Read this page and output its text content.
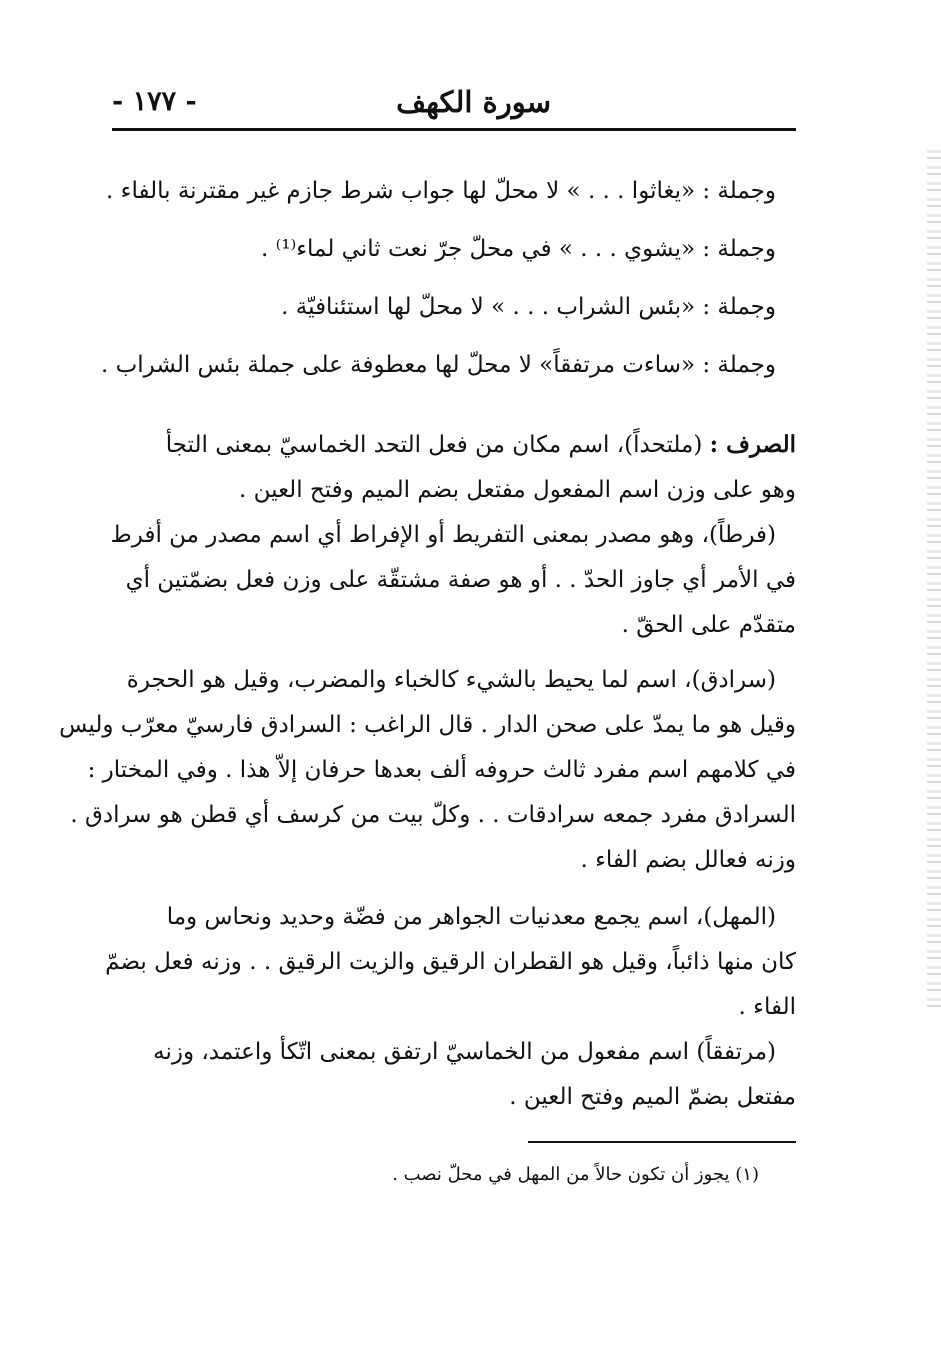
سورة الكهف
- ١٧٧ -
وجملة : «يغاثوا . . . » لا محلّ لها جواب شرط جازم غير مقترنة بالفاء .
وجملة : «يشوي . . . » في محلّ جرّ نعت ثاني لماء⁽¹⁾ .
وجملة : «بئس الشراب . . . » لا محلّ لها استئنافيّة .
وجملة : «ساءت مرتفقاً» لا محلّ لها معطوفة على جملة بئس الشراب .
الصرف : (ملتحداً)، اسم مكان من فعل التحد الخماسيّ بمعنى التجأ
وهو على وزن اسم المفعول مفتعل بضم الميم وفتح العين .
(فرطاً)، وهو مصدر بمعنى التفريط أو الإفراط أي اسم مصدر من أفرط
في الأمر أي جاوز الحدّ . . أو هو صفة مشتقّة على وزن فعل بضمّتين أي
متقدّم على الحقّ .
(سرادق)، اسم لما يحيط بالشيء كالخباء والمضرب، وقيل هو الحجرة
وقيل هو ما يمدّ على صحن الدار . قال الراغب : السرادق فارسيّ معرّب وليس
في كلامهم اسم مفرد ثالث حروفه ألف بعدها حرفان إلاّ هذا . وفي المختار :
السرادق مفرد جمعه سرادقات . . وكلّ بيت من كرسف أي قطن هو سرادق .
وزنه فعالل بضم الفاء .
(المهل)، اسم يجمع معدنيات الجواهر من فضّة وحديد ونحاس وما
كان منها ذائباً، وقيل هو القطران الرقيق والزيت الرقيق . . وزنه فعل بضمّ
الفاء .
(مرتفقاً) اسم مفعول من الخماسيّ ارتفق بمعنى اتّكأ واعتمد، وزنه
مفتعل بضمّ الميم وفتح العين .
(١) يجوز أن تكون حالاً من المهل في محلّ نصب .
